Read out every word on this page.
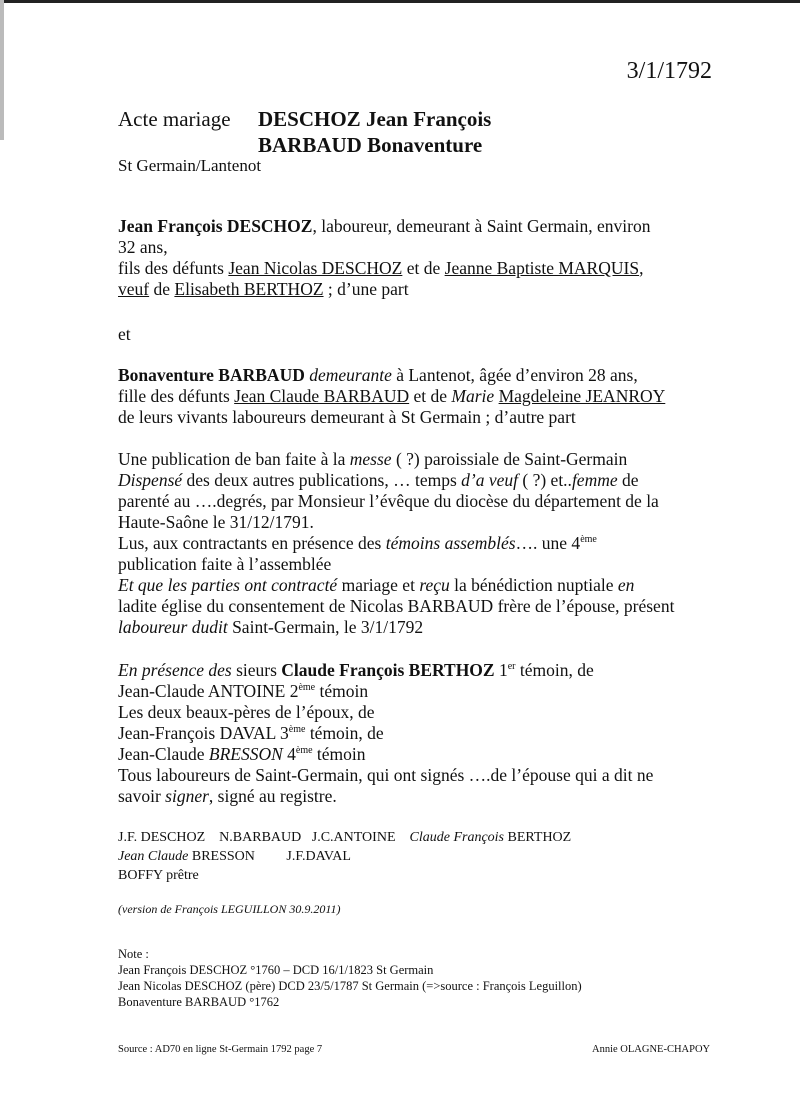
3/1/1792
Acte mariage DESCHOZ Jean François
BARBAUD Bonaventure
St Germain/Lantenot
Jean François DESCHOZ, laboureur, demeurant à Saint Germain, environ
32 ans,
fils des défunts Jean Nicolas DESCHOZ et de Jeanne Baptiste MARQUIS,
veuf de Elisabeth BERTHOZ ; d’une part
et
Bonaventure BARBAUD demeurante à Lantenot, âgée d’environ 28 ans,
fille des défunts Jean Claude BARBAUD et de Marie Magdeleine JEANROY
de leurs vivants laboureurs demeurant à St Germain ; d’autre part
Une publication de ban faite à la messe ( ?) paroissiale de Saint-Germain
Dispensé des deux autres publications, … temps d’a veuf ( ?) et..femme de
parenté au ….degrés, par Monsieur l’évêque du diocèse du département de la
Haute-Saône le 31/12/1791.
Lus, aux contractants en présence des témoins assemblés…. une 4ème
publication faite à l’assemblée
Et que les parties ont contracté mariage et reçu la bénédiction nuptiale en
ladite église du consentement de Nicolas BARBAUD frère de l’épouse, présent
laboureur dudit Saint-Germain, le 3/1/1792
En présence des sieurs Claude François BERTHOZ 1er témoin, de
Jean-Claude ANTOINE 2ème témoin
Les deux beaux-pères de l’époux, de
Jean-François DAVAL 3ème témoin, de
Jean-Claude BRESSON 4ème témoin
Tous laboureurs de Saint-Germain, qui ont signés ….de l’épouse qui a dit ne
savoir signer, signé au registre.
J.F. DESCHOZ N.BARBAUD J.C.ANTOINE Claude François BERTHOZ
Jean Claude BRESSON J.F.DAVAL
BOFFY prêtre
(version de François LEGUILLON 30.9.2011)
Note :
Jean François DESCHOZ °1760 – DCD 16/1/1823 St Germain
Jean Nicolas DESCHOZ (père) DCD 23/5/1787 St Germain (=>source : François Leguillon)
Bonaventure BARBAUD °1762
Source : AD70 en ligne St-Germain 1792 page 7	Annie OLAGNE-CHAPOY
